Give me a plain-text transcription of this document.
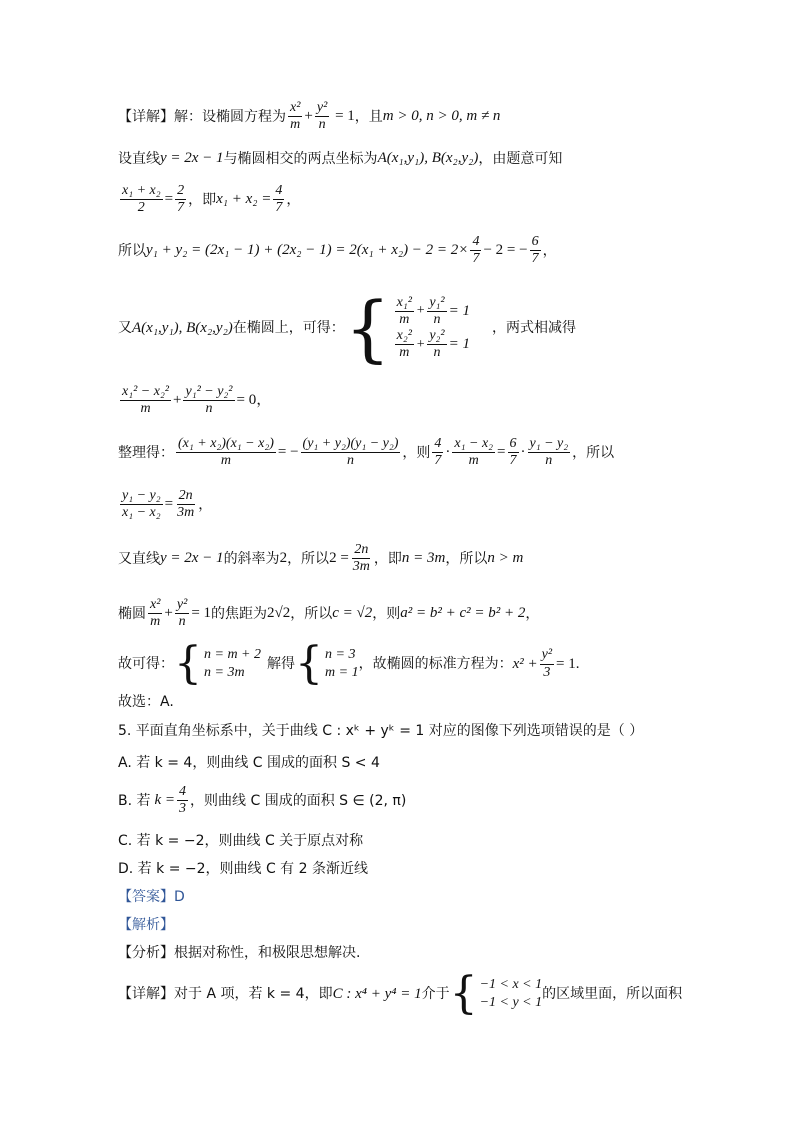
【详解】解：设椭圆方程为 $\frac{\text{x²}}{m} + \frac{\text{y²}}{n} = 1$ ，且 m > 0, n > 0, m ≠ n
设直线 y = 2x − 1 与椭圆相交的两点坐标为 A(x₁,y₁), B(x₂,y₂) ，由题意可知
$\frac{\text{x₁ + x₂}}{2} = \frac{2}{7}$ ，即 $x_1 + x_2 = \frac{4}{7}$ ，
所以 $y_1 + y_2 = (2x_1 - 1) + (2x_2 - 1) = 2(x_1 + x_2) - 2 = 2\times \frac{4}{7} - 2$ = − $\frac{6}{7}$ ，
又 A(x₁,y₁), B(x₂,y₂) 在椭圆上，可得： { $\frac{\text{x₁²}}{m} + \frac{\text{y₁²}}{n} = 1$
$\frac{\text{x₂²}}{m} + \frac{\text{y₂²}}{n} = 1$
，两式相减得
$\frac{\text{x₁² − x₂²}}{m} + \frac{\text{y₁² − y₂²}}{n} = 0$，
整理得： $\frac{\text{(x₁ + x₂)(x₁ − x₂)}}{m}$ = − $\frac{\text{(y₁ + y₂)(y₁ − y₂)}}{n}$ ，则 $\frac{4}{7} \cdot \frac{\text{x₁ − x₂}}{m} = \frac{6}{7} \cdot \frac{\text{y₁ − y₂}}{n}$ ，所以
$\frac{\text{y₁ − y₂}}{\text{x₁ − x₂}} = \frac{2n}{3m}$ ，
又直线 y = 2x − 1 的斜率为 2 ，所以 $2 = \frac{2n}{3m}$ ，即 n = 3m ，所以 n > m
椭圆 $\frac{\text{x²}}{m} + \frac{\text{y²}}{n} = 1$ 的焦距为 2√2 ，所以 c = √2 ，则 a² = b² + c² = b² + 2 ，
故可得： { n = m + 2
n = 3m
解得 { n = 3
m = 1
，故椭圆的标准方程为： $x^2 + \frac{\text{y²}}{3} = 1$.
故选：A.
5. 平面直角坐标系中，关于曲线 C : xᵏ + yᵏ = 1 对应的图像下列选项错误的是（ ）
A. 若 k = 4，则曲线 C 围成的面积 S < 4
B. 若 $k = \frac{4}{3}$ ，则曲线 C 围成的面积 S ∈ (2, π)
C. 若 k = −2，则曲线 C 关于原点对称
D. 若 k = −2，则曲线 C 有 2 条渐近线
【答案】D
【解析】
【分析】根据对称性，和极限思想解决.
【详解】对于 A 项，若 k = 4，即 C : x⁴ + y⁴ = 1 介于 { −1 < x < 1
−1 < y < 1
的区域里面，所以面积
